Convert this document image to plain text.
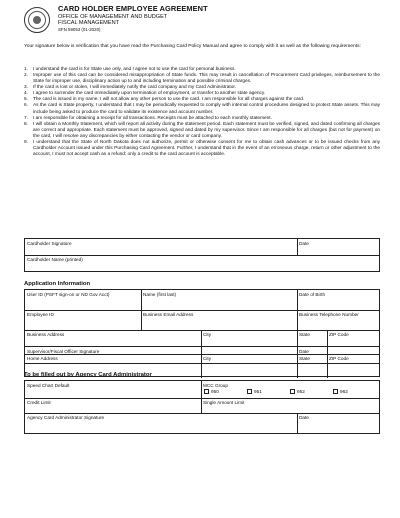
CARD HOLDER EMPLOYEE AGREEMENT
OFFICE OF MANAGEMENT AND BUDGET
FISCAL MANAGEMENT
SFN 59053 (01-2020)
Your signature below is verification that you have read the Purchasing Card Policy Manual and agree to comply with it as well as the following requirements:
1. I understand the card is for State use only, and I agree not to use the card for personal business.
2. Improper use of this card can be considered misappropriation of State funds. This may result in cancellation of Procurement Card privileges, reimbursement to the State for improper use, disciplinary action up to and including termination and possible criminal charges.
3. If the card is lost or stolen, I will immediately notify the card company and my Card Administrator.
4. I agree to surrender the card immediately upon termination of employment, or transfer to another state agency.
5. The card is issued in my name. I will not allow any other person to use the card. I am responsible for all charges against the card.
6. As the card is State property, I understand that I may be periodically requested to comply with internal control procedures designed to protect State assets. This may include being asked to produce the card to validate its existence and account number.
7. I am responsible for obtaining a receipt for all transactions. Receipts must be attached to each monthly statement.
8. I will obtain a Monthly Statement, which will report all activity during the statement period. Each statement must be verified, signed, and dated confirming all charges are correct and appropriate. Each statement must be approved, signed and dated by my supervisor. Since I am responsible for all charges (but not for payment) on the card, I will resolve any discrepancies by either contacting the vendor or card company.
9. I understand that the State of North Dakota does not authorize, permit or otherwise consent for me to obtain cash advances or to be issued checks from any Cardholder Account issued under this Purchasing Card Agreement. Further, I understand that in the event of an erroneous charge, return or other adjustment to the account, I must not accept cash as a refund; only a credit to the card account is acceptable.
Cardholder Signature	Date
Cardholder Name (printed)
Application Information
User ID (PSFT sign-on or ND Gov Acct)	Name (first last)	Date of Birth
Employee ID	Business Email Address	Business Telephone Number
Business Address	City	State	ZIP Code
Home Address	City	State	ZIP Code
Supervisor/Fiscal Officer Signature	Date
To be filled out by Agency Card Administrator
Speed Chart Default	MCC Group
950	951	952	962
Credit Limit	Single Amount Limit
Agency Card Administrator Signature	Date
